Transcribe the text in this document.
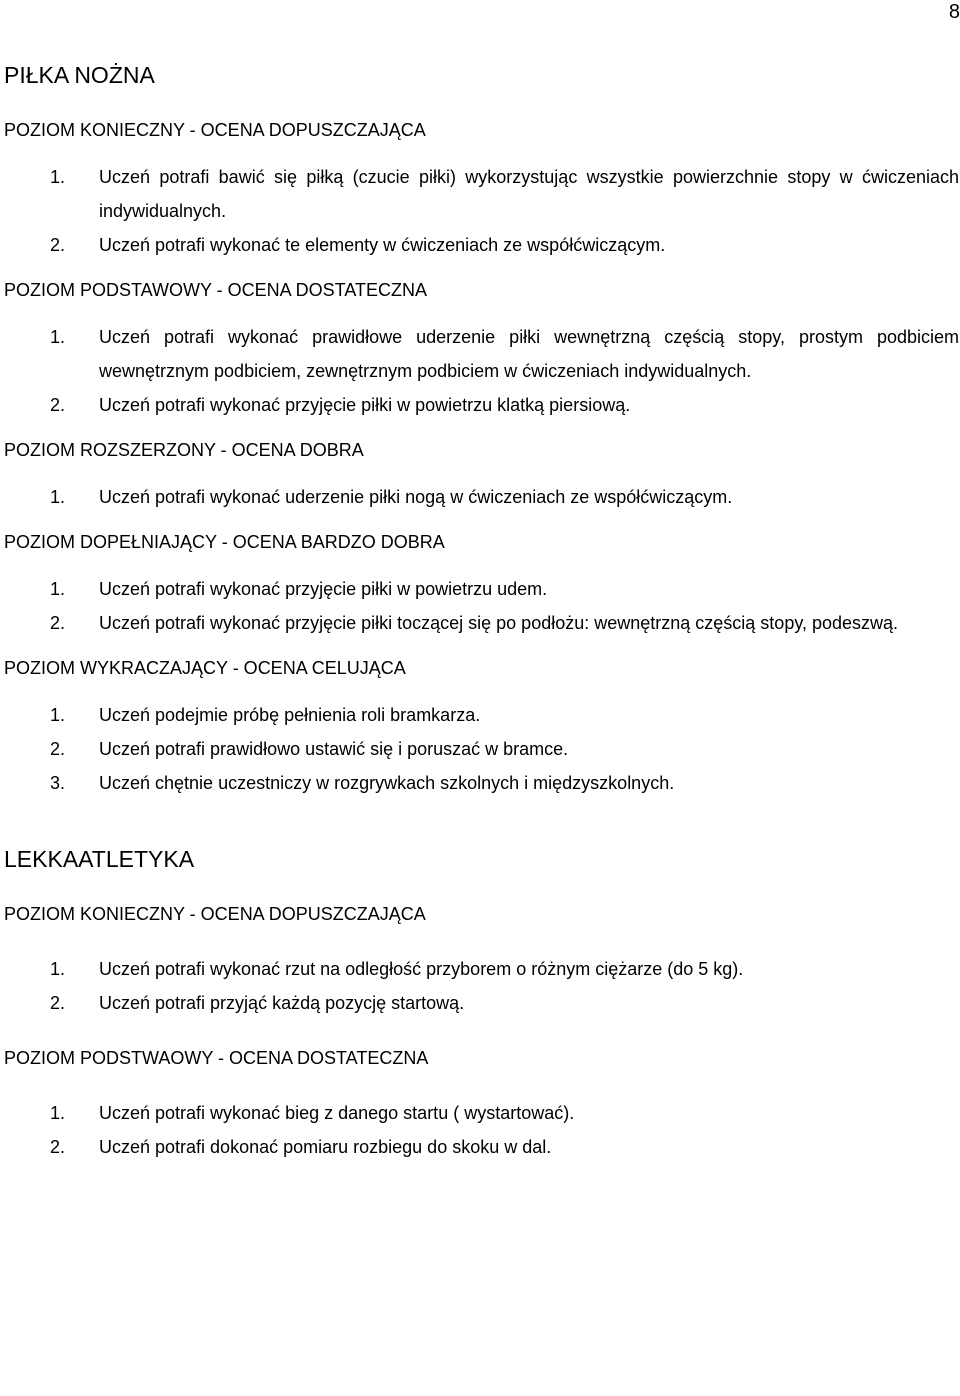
8
PIŁKA NOŻNA
POZIOM KONIECZNY - OCENA DOPUSZCZAJĄCA
1. Uczeń potrafi bawić się piłką (czucie piłki) wykorzystując wszystkie powierzchnie stopy w ćwiczeniach indywidualnych.
2. Uczeń potrafi wykonać te elementy w ćwiczeniach ze współćwiczącym.
POZIOM PODSTAWOWY - OCENA DOSTATECZNA
1. Uczeń potrafi wykonać prawidłowe uderzenie piłki wewnętrzną częścią stopy, prostym podbiciem wewnętrznym podbiciem, zewnętrznym podbiciem w ćwiczeniach indywidualnych.
2. Uczeń potrafi wykonać przyjęcie piłki w powietrzu klatką piersiową.
POZIOM ROZSZERZONY - OCENA DOBRA
1. Uczeń potrafi wykonać uderzenie piłki nogą w ćwiczeniach ze współćwiczącym.
POZIOM DOPEŁNIAJĄCY - OCENA BARDZO DOBRA
1. Uczeń potrafi wykonać przyjęcie piłki w powietrzu udem.
2. Uczeń potrafi wykonać przyjęcie piłki toczącej się po podłożu: wewnętrzną częścią stopy, podeszwą.
POZIOM WYKRACZAJĄCY - OCENA CELUJĄCA
1. Uczeń podejmie próbę pełnienia roli bramkarza.
2. Uczeń potrafi prawidłowo ustawić się i poruszać w bramce.
3. Uczeń chętnie uczestniczy w rozgrywkach szkolnych i międzyszkolnych.
LEKKAATLETYKA
POZIOM KONIECZNY - OCENA DOPUSZCZAJĄCA
1. Uczeń potrafi wykonać rzut na odległość przyborem o różnym ciężarze (do 5 kg).
2. Uczeń potrafi przyjąć każdą pozycję startową.
POZIOM PODSTWAOWY - OCENA DOSTATECZNA
1. Uczeń potrafi wykonać bieg z danego startu ( wystartować).
2. Uczeń potrafi dokonać pomiaru rozbiegu do skoku w dal.
